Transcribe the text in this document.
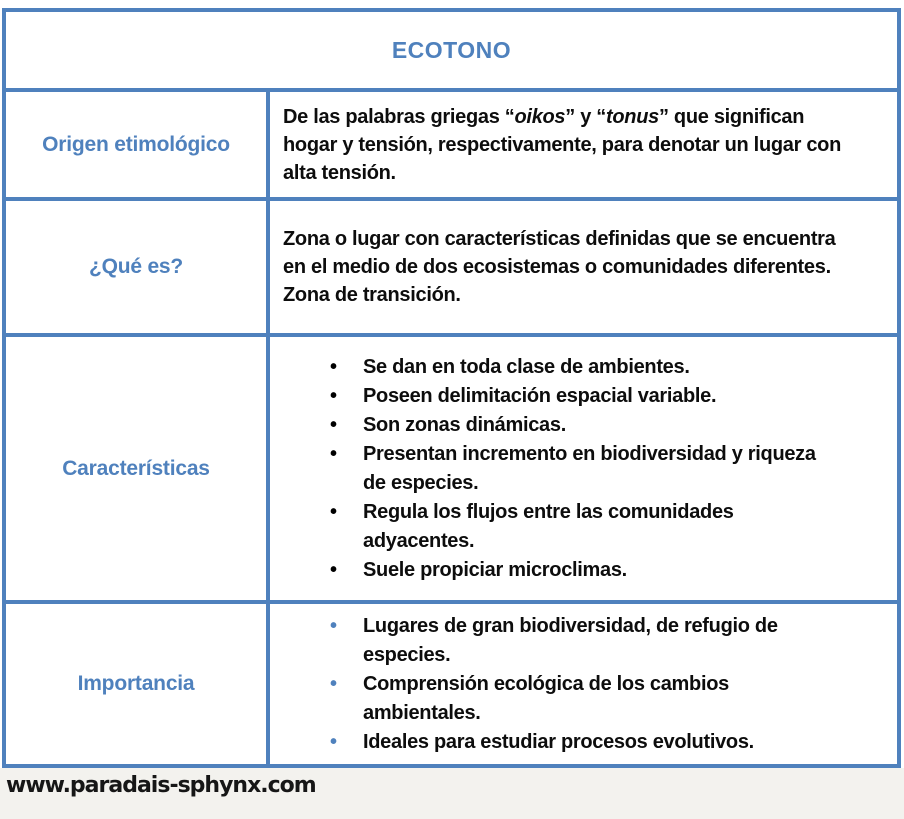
ECOTONO
Origen etimológico
De las palabras griegas “oikos” y “tonus” que significan hogar y tensión, respectivamente, para denotar un lugar con alta tensión.
¿Qué es?
Zona o lugar con características definidas que se encuentra en el medio de dos ecosistemas o comunidades diferentes.
Zona de transición.
Características
• Se dan en toda clase de ambientes.
• Poseen delimitación espacial variable.
• Son zonas dinámicas.
• Presentan incremento en biodiversidad y riqueza de especies.
• Regula los flujos entre las comunidades adyacentes.
• Suele propiciar microclimas.
Importancia
• Lugares de gran biodiversidad, de refugio de especies.
• Comprensión ecológica de los cambios ambientales.
• Ideales para estudiar procesos evolutivos.
www.paradais-sphynx.com
